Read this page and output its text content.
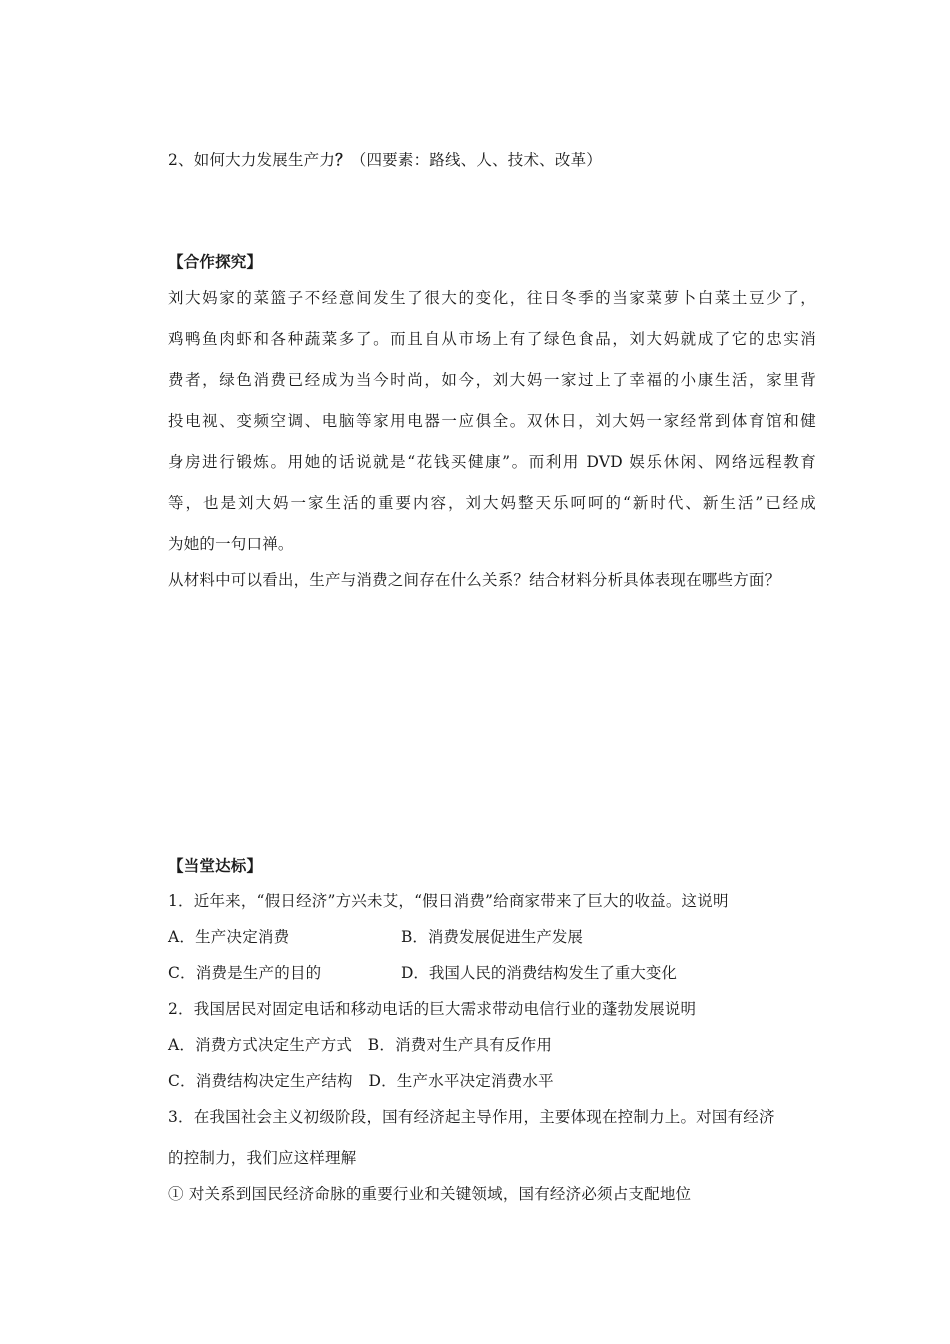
2、如何大力发展生产力？（四要素：路线、人、技术、改革）
【合作探究】
刘大妈家的菜篮子不经意间发生了很大的变化，往日冬季的当家菜萝卜白菜土豆少了，
鸡鸭鱼肉虾和各种蔬菜多了。而且自从市场上有了绿色食品，刘大妈就成了它的忠实消
费者，绿色消费已经成为当今时尚，如今，刘大妈一家过上了幸福的小康生活，家里背
投电视、变频空调、电脑等家用电器一应俱全。双休日，刘大妈一家经常到体育馆和健
身房进行锻炼。用她的话说就是“花钱买健康”。而利用 DVD 娱乐休闲、网络远程教育
等，也是刘大妈一家生活的重要内容，刘大妈整天乐呵呵的“新时代、新生活”已经成
为她的一句口禅。
从材料中可以看出，生产与消费之间存在什么关系？结合材料分析具体表现在哪些方面？
【当堂达标】
1．近年来，“假日经济”方兴未艾，“假日消费”给商家带来了巨大的收益。这说明
A．生产决定消费	B．消费发展促进生产发展
C．消费是生产的目的	D．我国人民的消费结构发生了重大变化
2．我国居民对固定电话和移动电话的巨大需求带动电信行业的蓬勃发展说明
A．消费方式决定生产方式　B．消费对生产具有反作用
C．消费结构决定生产结构　D．生产水平决定消费水平
3．在我国社会主义初级阶段，国有经济起主导作用，主要体现在控制力上。对国有经济
的控制力，我们应这样理解
① 对关系到国民经济命脉的重要行业和关键领域，国有经济必须占支配地位
